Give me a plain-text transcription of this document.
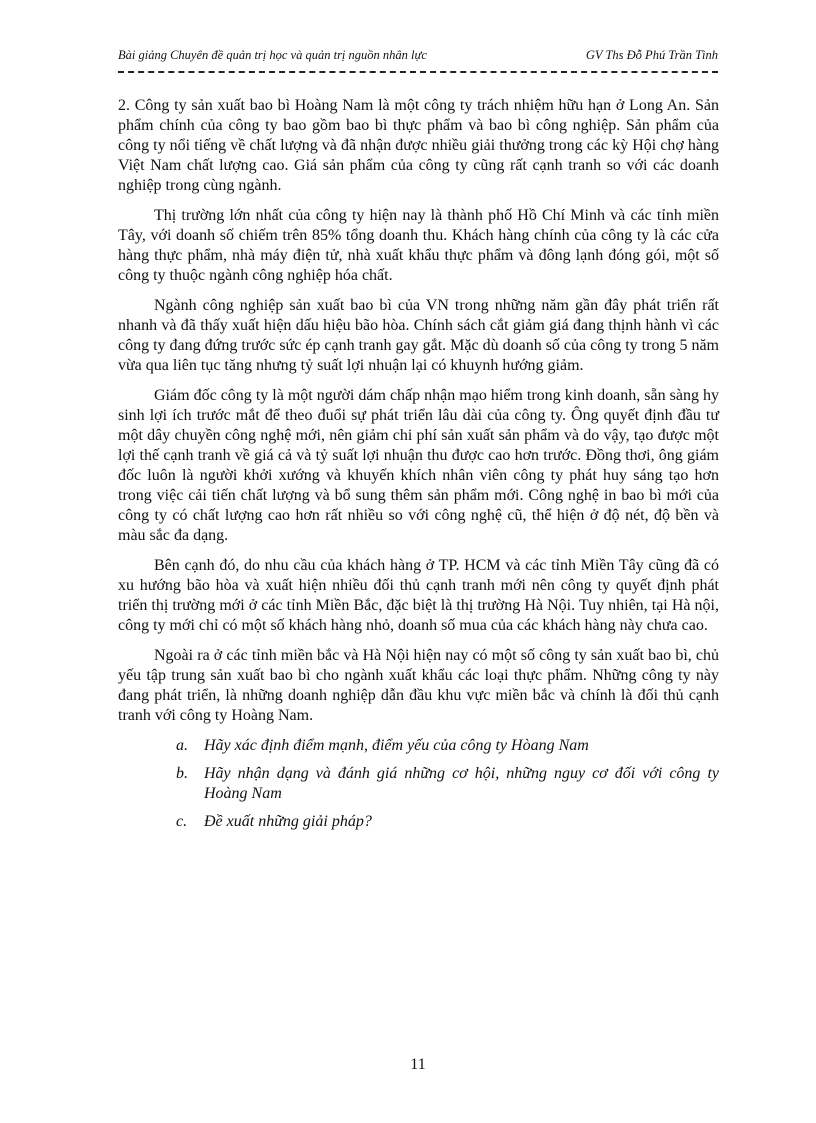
Bài giảng Chuyên đề quản trị học và quản trị nguồn nhân lực	GV Ths Đỗ Phú Trần Tình

2. Công ty sản xuất bao bì Hoàng Nam là một công ty trách nhiệm hữu hạn ở Long An. Sản phẩm chính của công ty bao gồm bao bì thực phẩm và bao bì công nghiệp. Sản phẩm của công ty nổi tiếng về chất lượng và đã nhận được nhiều giải thưởng trong các kỳ Hội chợ hàng Việt Nam chất lượng cao. Giá sản phẩm của công ty cũng rất cạnh tranh so với các doanh nghiệp trong cùng ngành.

Thị trường lớn nhất của công ty hiện nay là thành phố Hồ Chí Minh và các tỉnh miền Tây, với doanh số chiếm trên 85% tổng doanh thu. Khách hàng chính của công ty là các cửa hàng thực phẩm, nhà máy điện tử, nhà xuất khẩu thực phẩm và đông lạnh đóng gói, một số công ty thuộc ngành công nghiệp hóa chất.

Ngành công nghiệp sản xuất bao bì của VN trong những năm gần đây phát triển rất nhanh và đã thấy xuất hiện dấu hiệu bão hòa. Chính sách cắt giảm giá đang thịnh hành vì các công ty đang đứng trước sức ép cạnh tranh gay gắt. Mặc dù doanh số của công ty trong 5 năm vừa qua liên tục tăng nhưng tỷ suất lợi nhuận lại có khuynh hướng giảm.

Giám đốc công ty là một người dám chấp nhận mạo hiểm trong kinh doanh, sẵn sàng hy sinh lợi ích trước mắt để theo đuổi sự phát triển lâu dài của công ty. Ông quyết định đầu tư một dây chuyền công nghệ mới, nên giảm chi phí sản xuất sản phẩm và do vậy, tạo được một lợi thế cạnh tranh về giá cả và tỷ suất lợi nhuận thu được cao hơn trước. Đồng thơi, ông giám đốc luôn là người khởi xướng và khuyến khích nhân viên công ty phát huy sáng tạo hơn trong việc cải tiến chất lượng và bổ sung thêm sản phẩm mới. Công nghệ in bao bì mới của công ty có chất lượng cao hơn rất nhiều so với công nghệ cũ, thể hiện ở độ nét, độ bền và màu sắc đa dạng.

Bên cạnh đó, do nhu cầu của khách hàng ở TP. HCM và các tỉnh Miền Tây cũng đã có xu hướng bão hòa và xuất hiện nhiều đối thủ cạnh tranh mới nên công ty quyết định phát triển thị trường mới ở các tỉnh Miền Bắc, đặc biệt là thị trường Hà Nội. Tuy nhiên, tại Hà nội, công ty mới chỉ có một số khách hàng nhỏ, doanh số mua của các khách hàng này chưa cao.

Ngoài ra ở các tỉnh miền bắc và Hà Nội hiện nay có một số công ty sản xuất bao bì, chủ yếu tập trung sản xuất bao bì cho ngành xuất khẩu các loại thực phẩm. Những công ty này đang phát triển, là những doanh nghiệp dẫn đầu khu vực miền bắc và chính là đối thủ cạnh tranh với công ty Hoàng Nam.

a. Hãy xác định điểm mạnh, điểm yếu của công ty Hòang Nam
b. Hãy nhận dạng và đánh giá những cơ hội, những nguy cơ đối với công ty Hoàng Nam
c. Đề xuất những giải pháp?
11
